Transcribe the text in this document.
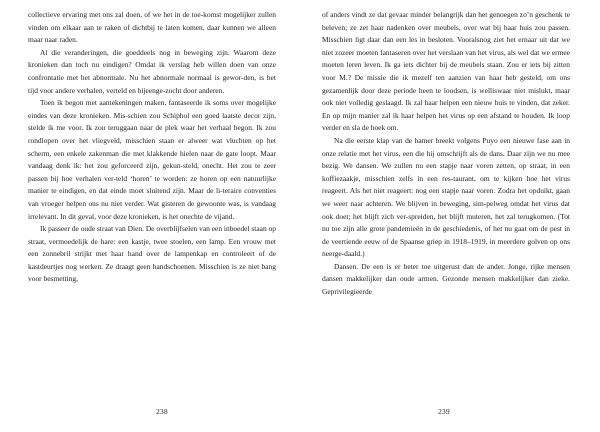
collectieve ervaring met ons zal doen, of we het in de toe-komst mogelijker zullen vinden om elkaar aan te raken of dichtbij te laten komen, daar kunnen we alleen maar naar raden.

Al die veranderingen, die goeddeels nog in beweging zijn. Waarom deze kronieken dan toch nu eindigen? Omdat ik verslag heb willen doen van onze confrontatie met het abnormale. Nu het abnormale normaal is gewor-den, is het tijd voor andere verhalen, verteld en bijeenge-zocht door anderen.

Toen ik begon met aantekeningen maken, fantaseerde ik soms over mogelijke eindes van deze kronieken. Mis-schien zou Schiphol een goed laatste decor zijn, stelde ik me voor. Ik zou teruggaan naar de plek waar het verhaal begon. Ik zou rondlopen over het vliegveld, misschien staan er alweer wat vluchten op het scherm, een enkele zakenman die met klakkende hielen naar de gate loopt. Maar vandaag denk ik: het zou geforceerd zijn, gekun-steld, onecht. Het zou te zeer passen bij hoe verhalen ver-teld ‘horen’ te worden: ze horen op een natuurlijke manier te eindigen, en dat einde moet sluitend zijn. Maar de li-teraire conventies van vroeger helpen ons nu niet verder. Wat gisteren de gewoonte was, is vandaag irrelevant. In dit geval, voor deze kronieken, is het onechte de vijand.

Ik passeer de oude straat van Dien. De overblijfselen van een inboedel staan op straat, vermoedelijk de hare: een kastje, twee stoelen, een lamp. Een vrouw met een zonnebril strijkt met haar hand over de lampenkap en controleert of de kastdeurtjes nog werken. Ze draagt geen handschoenen. Misschien is ze niet bang voor besmetting,

238

of anders vindt ze dat gevaar minder belangrijk dan het genoegen zo’n geschenk te beleven; ze zet haar nadenken over meubels, over wat bij haar huis zou passen. Misschien ligt daar dan een les in besloten. Vooralsnog ziet het ernaar uit dat we niet zozeer moeten fantaseren over het verslaan van het virus, als wel dat we ermee moeten leren leven. Ik ga iets dichter bij de meubels staan. Zou er iets bij zitten voor M.? De missie die ik mezelf ten aanzien van haar heb gesteld, om ons gezamenlijk door deze periode heen te loodsen, is welliswaar niet mislukt, maar ook niet volledig geslaagd. Ik zal haar helpen een nieuw huis te vinden, dat zeker. En op mijn manier zal ik haar helpen het virus op een afstand te houden. Ik loop verder en sla de hoek om.

Na die eerste klap van de hamer breekt volgens Puyo een nieuwe fase aan in onze relatie met het virus, een die hij omschrijft als de dans. Daar zijn we nu mee bezig. We dansen. We zullen nu een stapje naar voren zetten, op straat, in een koffiezaakje, misschien zelfs in een res-taurant, om te kijken hoe het virus reageert. Als het niet reageert: nog een stapje naar voren. Zodra het opduikt, gaan we weer naar achteren. We blijven in beweging, sim-pelweg omdat het virus dat ook doet; het blijft zich ver-spreiden, het blijft muteren, het zal terugkomen. (Tot nu toe zijn alle grote pandemieën in de geschiedenis, of het nu gaat om de pest in de veertiende eeuw of de Spaanse griep in 1918–1919, in meerdere golven op ons neerge-daald.)

Dansen. De een is er beter toe uitgerust dan de ander. Jonge, rijke mensen dansen makkelijker dan oude armen. Gezonde mensen makkelijker dan zieke. Geprivilegieerde

239
